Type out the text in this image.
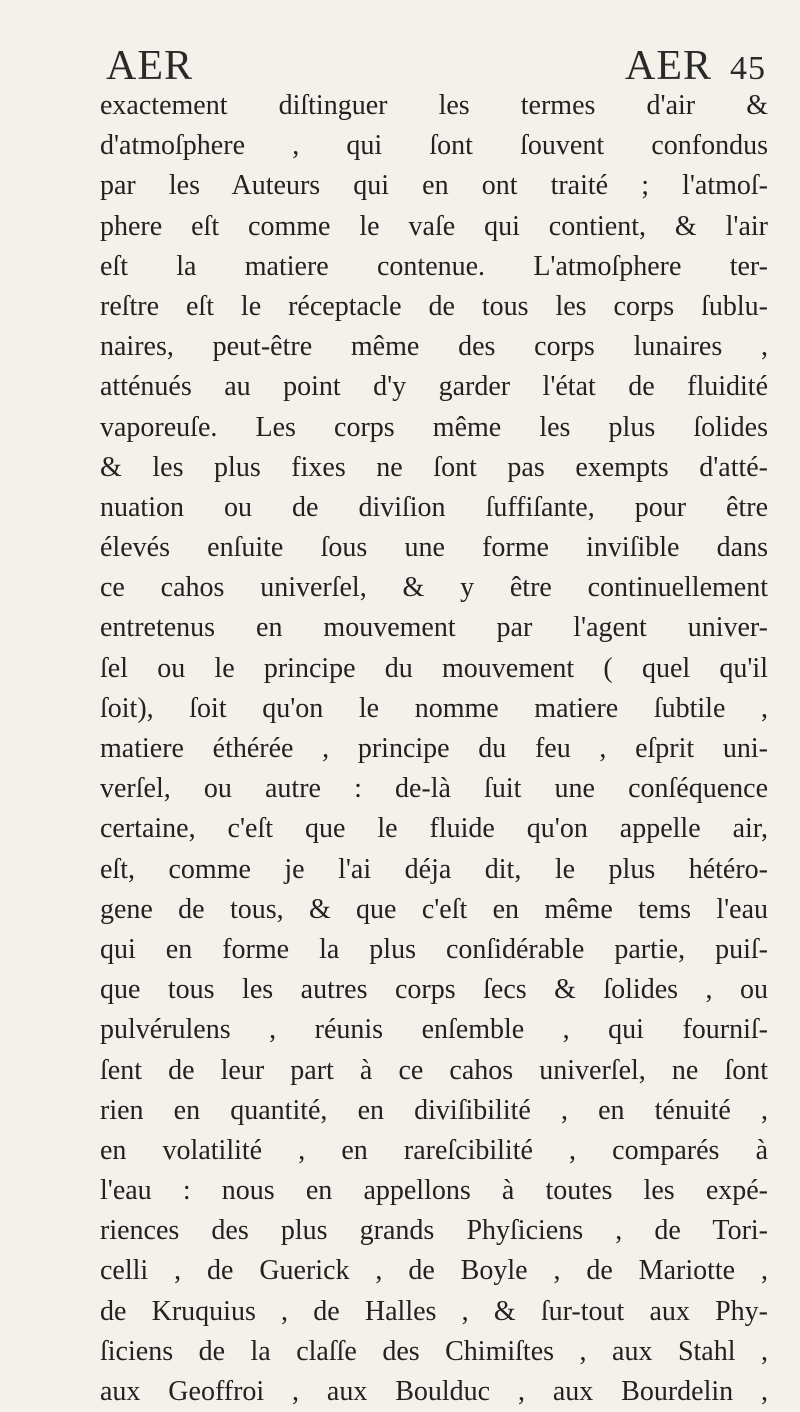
AER	AER 45
exactement diſtinguer les termes d'air &
d'atmoſphere , qui ſont ſouvent confondus
par les Auteurs qui en ont traité ; l'atmoſ-
phere eſt comme le vaſe qui contient, & l'air
eſt la matiere contenue. L'atmoſphere ter-
reſtre eſt le réceptacle de tous les corps ſublu-
naires, peut-être même des corps lunaires ,
atténués au point d'y garder l'état de fluidité
vaporeuſe. Les corps même les plus ſolides
& les plus fixes ne ſont pas exempts d'atté-
nuation ou de diviſion ſuffiſante, pour être
élevés enſuite ſous une forme inviſible dans
ce cahos univerſel, & y être continuellement
entretenus en mouvement par l'agent univer-
ſel ou le principe du mouvement ( quel qu'il
ſoit), ſoit qu'on le nomme matiere ſubtile ,
matiere éthérée , principe du feu , eſprit uni-
verſel, ou autre : de-là ſuit une conſéquence
certaine, c'eſt que le fluide qu'on appelle air,
eſt, comme je l'ai déja dit, le plus hétéro-
gene de tous, & que c'eſt en même tems l'eau
qui en forme la plus conſidérable partie, puiſ-
que tous les autres corps ſecs & ſolides , ou
pulvérulens , réunis enſemble , qui fourniſ-
ſent de leur part à ce cahos univerſel, ne ſont
rien en quantité, en diviſibilité , en ténuité ,
en volatilité , en rareſcibilité , comparés à
l'eau : nous en appellons à toutes les expé-
riences des plus grands Phyſiciens , de Tori-
celli , de Guerick , de Boyle , de Mariotte ,
de Kruquius , de Halles , & ſur-tout aux Phy-
ſiciens de la claſſe des Chimiſtes , aux Stahl ,
aux Geoffroi , aux Boulduc , aux Bourdelin ,
